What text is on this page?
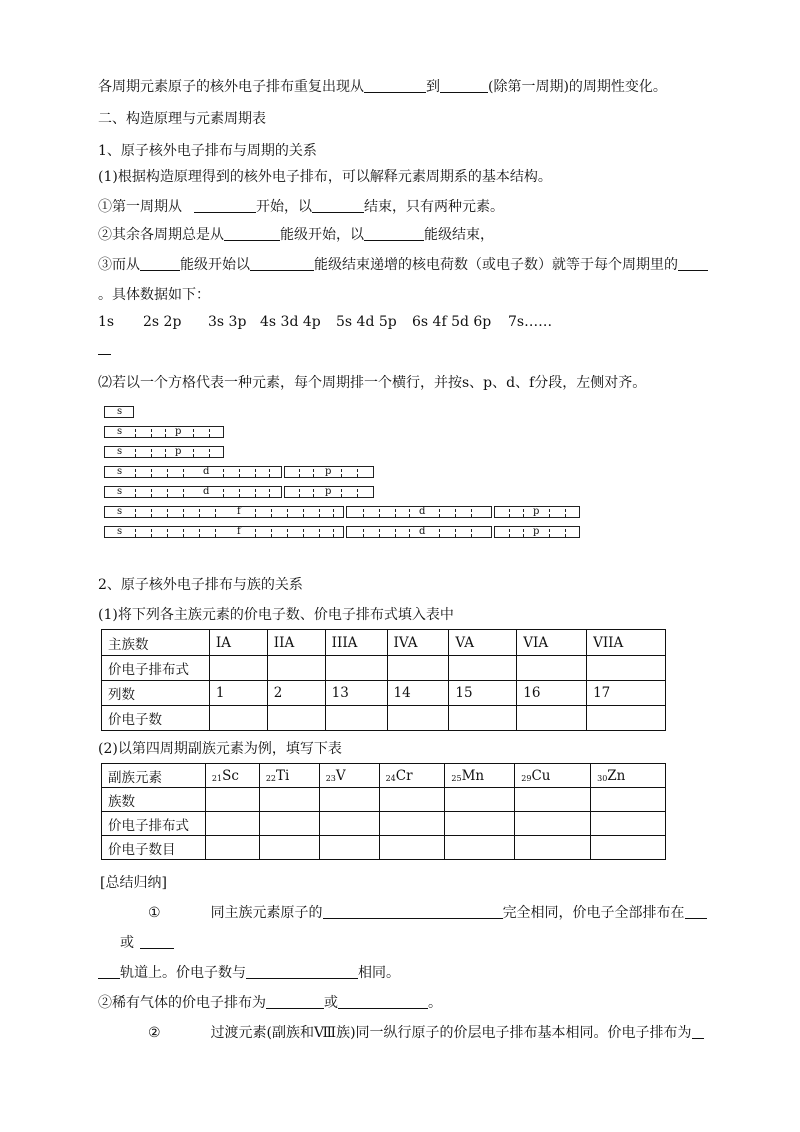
各周期元素原子的核外电子排布重复出现从	到	(除第一周期)的周期性变化。
二、构造原理与元素周期表
1、原子核外电子排布与周期的关系
(1)根据构造原理得到的核外电子排布，可以解释元素周期系的基本结构。
①第一周期从	开始，以	结束，只有两种元素。
②其余各周期总是从	能级开始，以	能级结束，
③而从	能级开始以	能级结束递增的核电荷数（或电子数）就等于每个周期里的
。具体数据如下：
1s 2s 2p 3s 3p 4s 3d 4p 5s 4d 5p 6s 4f 5d 6p 7s……
⑵若以一个方格代表一种元素，每个周期排一个横行，并按s、p、d、f分段，左侧对齐。
s
s	p
s	p
s	d	p
s	d	p
s	f	d	p
s	f	d	p
2、原子核外电子排布与族的关系
(1)将下列各主族元素的价电子数、价电子排布式填入表中
主族数	IA	IIA	IIIA	IVA	VA	VIA	VIIA
价电子排布式							
列数	1	2	13	14	15	16	17
价电子数							
(2)以第四周期副族元素为例，填写下表
副族元素	$_{21}$Sc	$_{22}$Ti	$_{23}$V	$_{24}$Cr	$_{25}$Mn	$_{29}$Cu	$_{30}$Zn
族数							
价电子排布式							
价电子数目							
[总结归纳]
①	同主族元素原子的	完全相同，价电子全部排布在
或
轨道上。价电子数与	相同。
②稀有气体的价电子排布为	或	。
②	过渡元素(副族和Ⅷ族)同一纵行原子的价层电子排布基本相同。价电子排布为
